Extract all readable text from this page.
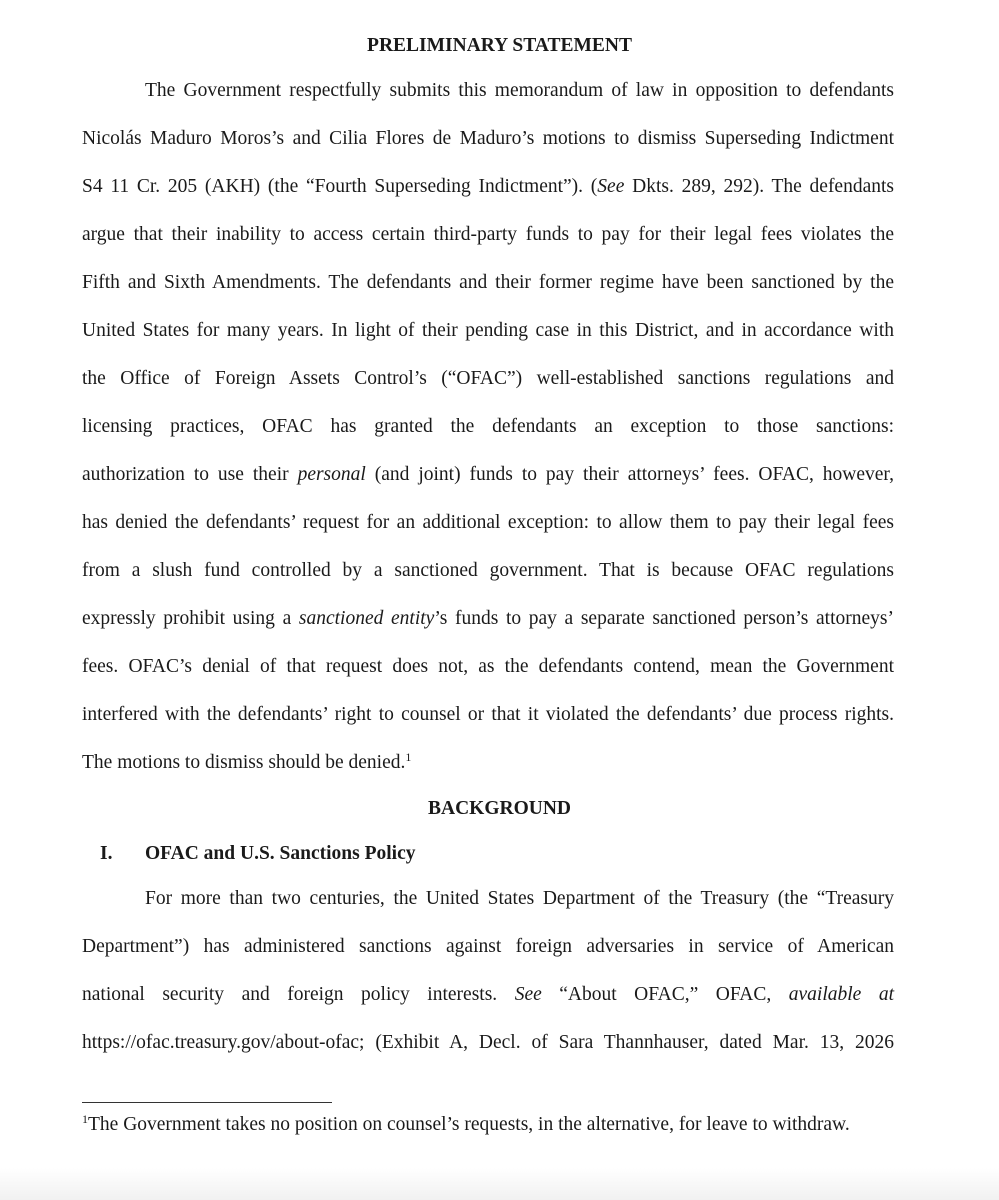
PRELIMINARY STATEMENT
The Government respectfully submits this memorandum of law in opposition to defendants
Nicolás Maduro Moros’s and Cilia Flores de Maduro’s motions to dismiss Superseding Indictment
S4 11 Cr. 205 (AKH) (the “Fourth Superseding Indictment”). (See Dkts. 289, 292). The defendants
argue that their inability to access certain third-party funds to pay for their legal fees violates the
Fifth and Sixth Amendments. The defendants and their former regime have been sanctioned by the
United States for many years. In light of their pending case in this District, and in accordance with
the Office of Foreign Assets Control’s (“OFAC”) well-established sanctions regulations and
licensing practices, OFAC has granted the defendants an exception to those sanctions:
authorization to use their personal (and joint) funds to pay their attorneys’ fees. OFAC, however,
has denied the defendants’ request for an additional exception: to allow them to pay their legal fees
from a slush fund controlled by a sanctioned government. That is because OFAC regulations
expressly prohibit using a sanctioned entity’s funds to pay a separate sanctioned person’s attorneys’
fees. OFAC’s denial of that request does not, as the defendants contend, mean the Government
interfered with the defendants’ right to counsel or that it violated the defendants’ due process rights.
The motions to dismiss should be denied.$^1$
BACKGROUND
I. OFAC and U.S. Sanctions Policy
For more than two centuries, the United States Department of the Treasury (the “Treasury
Department”) has administered sanctions against foreign adversaries in service of American
national security and foreign policy interests. See “About OFAC,” OFAC, available at
https://ofac.treasury.gov/about-ofac; (Exhibit A, Decl. of Sara Thannhauser, dated Mar. 13, 2026
$^1$The Government takes no position on counsel’s requests, in the alternative, for leave to withdraw.
